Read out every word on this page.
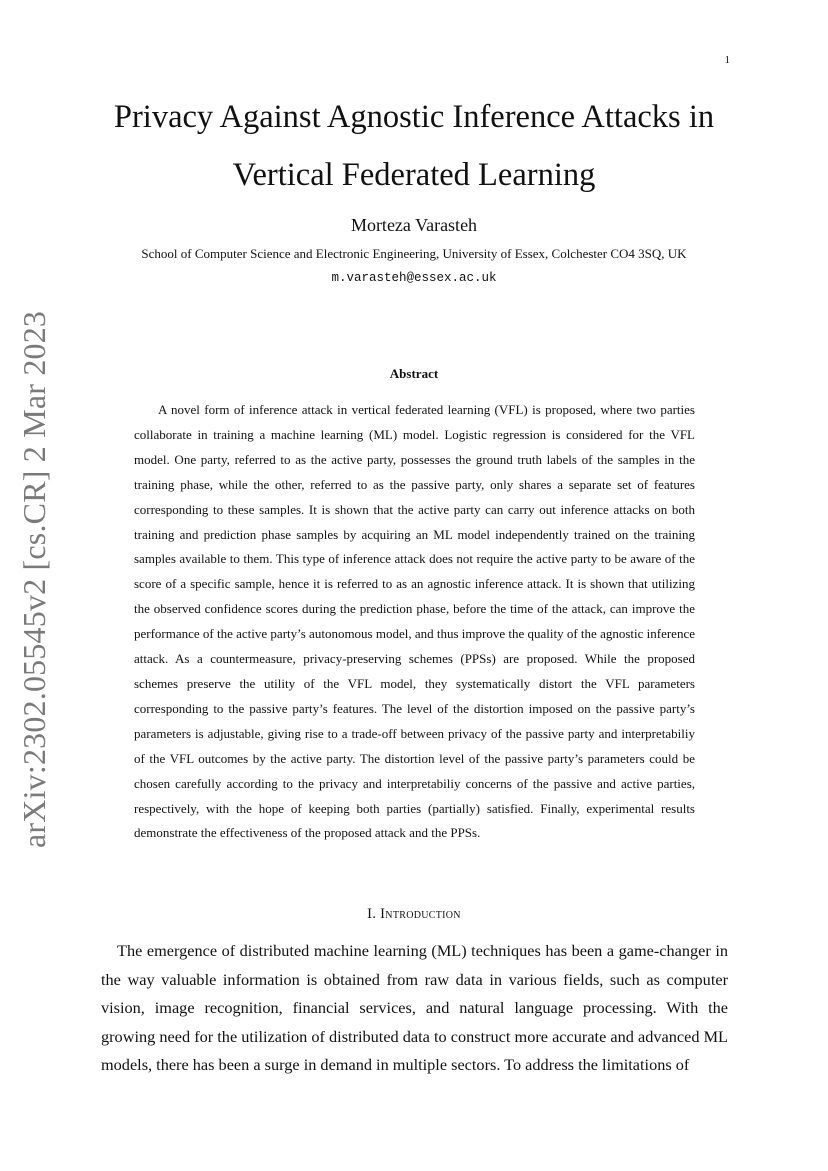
1
arXiv:2302.05545v2 [cs.CR] 2 Mar 2023
Privacy Against Agnostic Inference Attacks in Vertical Federated Learning
Morteza Varasteh
School of Computer Science and Electronic Engineering, University of Essex, Colchester CO4 3SQ, UK
m.varasteh@essex.ac.uk
Abstract

A novel form of inference attack in vertical federated learning (VFL) is proposed, where two parties collaborate in training a machine learning (ML) model. Logistic regression is considered for the VFL model. One party, referred to as the active party, possesses the ground truth labels of the samples in the training phase, while the other, referred to as the passive party, only shares a separate set of features corresponding to these samples. It is shown that the active party can carry out inference attacks on both training and prediction phase samples by acquiring an ML model independently trained on the training samples available to them. This type of inference attack does not require the active party to be aware of the score of a specific sample, hence it is referred to as an agnostic inference attack. It is shown that utilizing the observed confidence scores during the prediction phase, before the time of the attack, can improve the performance of the active party’s autonomous model, and thus improve the quality of the agnostic inference attack. As a countermeasure, privacy-preserving schemes (PPSs) are proposed. While the proposed schemes preserve the utility of the VFL model, they systematically distort the VFL parameters corresponding to the passive party’s features. The level of the distortion imposed on the passive party’s parameters is adjustable, giving rise to a trade-off between privacy of the passive party and interpretabiliy of the VFL outcomes by the active party. The distortion level of the passive party’s parameters could be chosen carefully according to the privacy and interpretabiliy concerns of the passive and active parties, respectively, with the hope of keeping both parties (partially) satisfied. Finally, experimental results demonstrate the effectiveness of the proposed attack and the PPSs.

I. Introduction

The emergence of distributed machine learning (ML) techniques has been a game-changer in the way valuable information is obtained from raw data in various fields, such as computer vision, image recognition, financial services, and natural language processing. With the growing need for the utilization of distributed data to construct more accurate and advanced ML models, there has been a surge in demand in multiple sectors. To address the limitations of
